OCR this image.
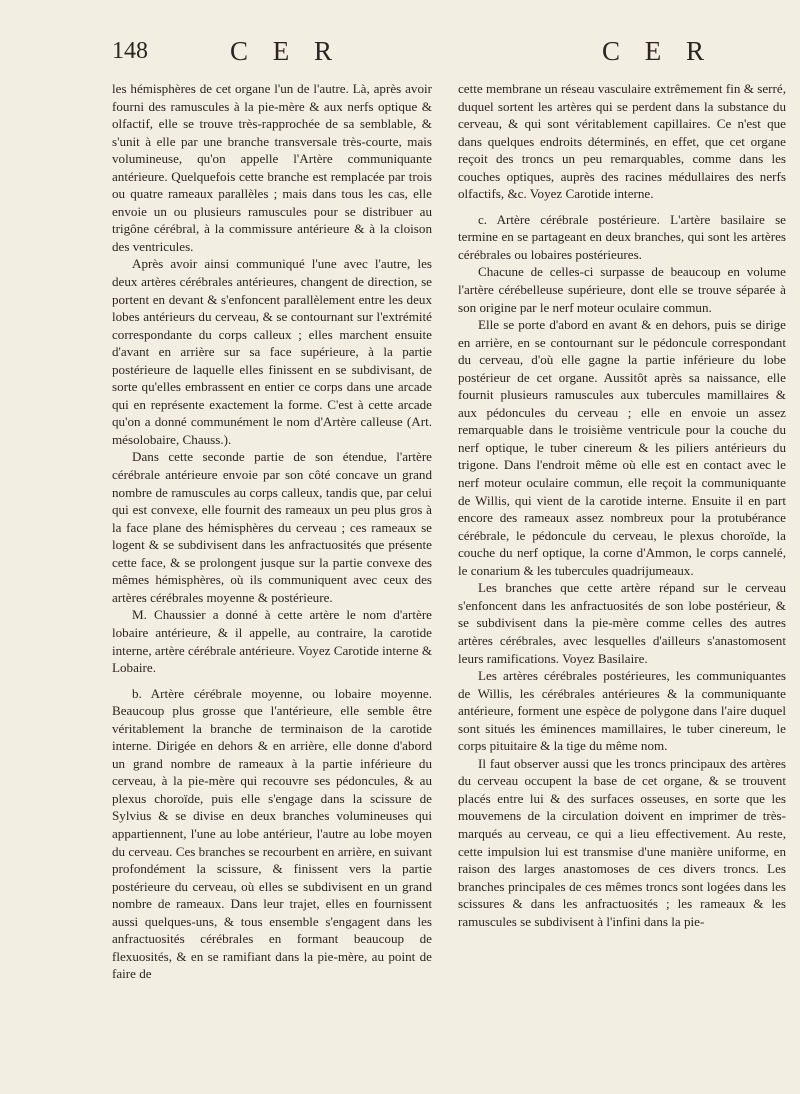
148	C E R	C E R

les hémisphères de cet organe l'un de l'autre. Là, après avoir fourni des ramuscules à la pie-mère & aux nerfs optique & olfactif, elle se trouve très-rapprochée de sa semblable, & s'unit à elle par une branche transversale très-courte, mais volumineuse, qu'on appelle l'Artère communiquante antérieure. Quelquefois cette branche est remplacée par trois ou quatre rameaux parallèles ; mais dans tous les cas, elle envoie un ou plusieurs ramuscules pour se distribuer au trigône cérébral, à la commissure antérieure & à la cloison des ventricules.

Après avoir ainsi communiqué l'une avec l'autre, les deux artères cérébrales antérieures, changent de direction, se portent en devant & s'enfoncent parallèlement entre les deux lobes antérieurs du cerveau, & se contournant sur l'extrémité correspondante du corps calleux ; elles marchent ensuite d'avant en arrière sur sa face supérieure, à la partie postérieure de laquelle elles finissent en se subdivisant, de sorte qu'elles embrassent en entier ce corps dans une arcade qui en représente exactement la forme. C'est à cette arcade qu'on a donné communément le nom d'Artère calleuse (Art. mésolobaire, Chauss.).

Dans cette seconde partie de son étendue, l'artère cérébrale antérieure envoie par son côté concave un grand nombre de ramuscules au corps calleux, tandis que, par celui qui est convexe, elle fournit des rameaux un peu plus gros à la face plane des hémisphères du cerveau ; ces rameaux se logent & se subdivisent dans les anfractuosités que présente cette face, & se prolongent jusque sur la partie convexe des mêmes hémisphères, où ils communiquent avec ceux des artères cérébrales moyenne & postérieure.

M. Chaussier a donné à cette artère le nom d'artère lobaire antérieure, & il appelle, au contraire, la carotide interne, artère cérébrale antérieure. Voyez Carotide interne & Lobaire.

b. Artère cérébrale moyenne, ou lobaire moyenne. Beaucoup plus grosse que l'antérieure, elle semble être véritablement la branche de terminaison de la carotide interne. Dirigée en dehors & en arrière, elle donne d'abord un grand nombre de rameaux à la partie inférieure du cerveau, à la pie-mère qui recouvre ses pédoncules, & au plexus choroïde, puis elle s'engage dans la scissure de Sylvius & se divise en deux branches volumineuses qui appartiennent, l'une au lobe antérieur, l'autre au lobe moyen du cerveau. Ces branches se recourbent en arrière, en suivant profondément la scissure, & finissent vers la partie postérieure du cerveau, où elles se subdivisent en un grand nombre de rameaux. Dans leur trajet, elles en fournissent aussi quelques-uns, & tous ensemble s'engagent dans les anfractuosités cérébrales en formant beaucoup de flexuosités, & en se ramifiant dans la pie-mère, au point de faire de

cette membrane un réseau vasculaire extrêmement fin & serré, duquel sortent les artères qui se perdent dans la substance du cerveau, & qui sont véritablement capillaires. Ce n'est que dans quelques endroits déterminés, en effet, que cet organe reçoit des troncs un peu remarquables, comme dans les couches optiques, auprès des racines médullaires des nerfs olfactifs, &c. Voyez Carotide interne.

c. Artère cérébrale postérieure. L'artère basilaire se termine en se partageant en deux branches, qui sont les artères cérébrales ou lobaires postérieures.

Chacune de celles-ci surpasse de beaucoup en volume l'artère cérébelleuse supérieure, dont elle se trouve séparée à son origine par le nerf moteur oculaire commun.

Elle se porte d'abord en avant & en dehors, puis se dirige en arrière, en se contournant sur le pédoncule correspondant du cerveau, d'où elle gagne la partie inférieure du lobe postérieur de cet organe. Aussitôt après sa naissance, elle fournit plusieurs ramuscules aux tubercules mamillaires & aux pédoncules du cerveau ; elle en envoie un assez remarquable dans le troisième ventricule pour la couche du nerf optique, le tuber cinereum & les piliers antérieurs du trigone. Dans l'endroit même où elle est en contact avec le nerf moteur oculaire commun, elle reçoit la communiquante de Willis, qui vient de la carotide interne. Ensuite il en part encore des rameaux assez nombreux pour la protubérance cérébrale, le pédoncule du cerveau, le plexus choroïde, la couche du nerf optique, la corne d'Ammon, le corps cannelé, le conarium & les tubercules quadrijumeaux.

Les branches que cette artère répand sur le cerveau s'enfoncent dans les anfractuosités de son lobe postérieur, & se subdivisent dans la pie-mère comme celles des autres artères cérébrales, avec lesquelles d'ailleurs s'anastomosent leurs ramifications. Voyez Basilaire.

Les artères cérébrales postérieures, les communiquantes de Willis, les cérébrales antérieures & la communiquante antérieure, forment une espèce de polygone dans l'aire duquel sont situés les éminences mamillaires, le tuber cinereum, le corps pituitaire & la tige du même nom.

Il faut observer aussi que les troncs principaux des artères du cerveau occupent la base de cet organe, & se trouvent placés entre lui & des surfaces osseuses, en sorte que les mouvemens de la circulation doivent en imprimer de très-marqués au cerveau, ce qui a lieu effectivement. Au reste, cette impulsion lui est transmise d'une manière uniforme, en raison des larges anastomoses de ces divers troncs. Les branches principales de ces mêmes troncs sont logées dans les scissures & dans les anfractuosités ; les rameaux & les ramuscules se subdivisent à l'infini dans la pie-
